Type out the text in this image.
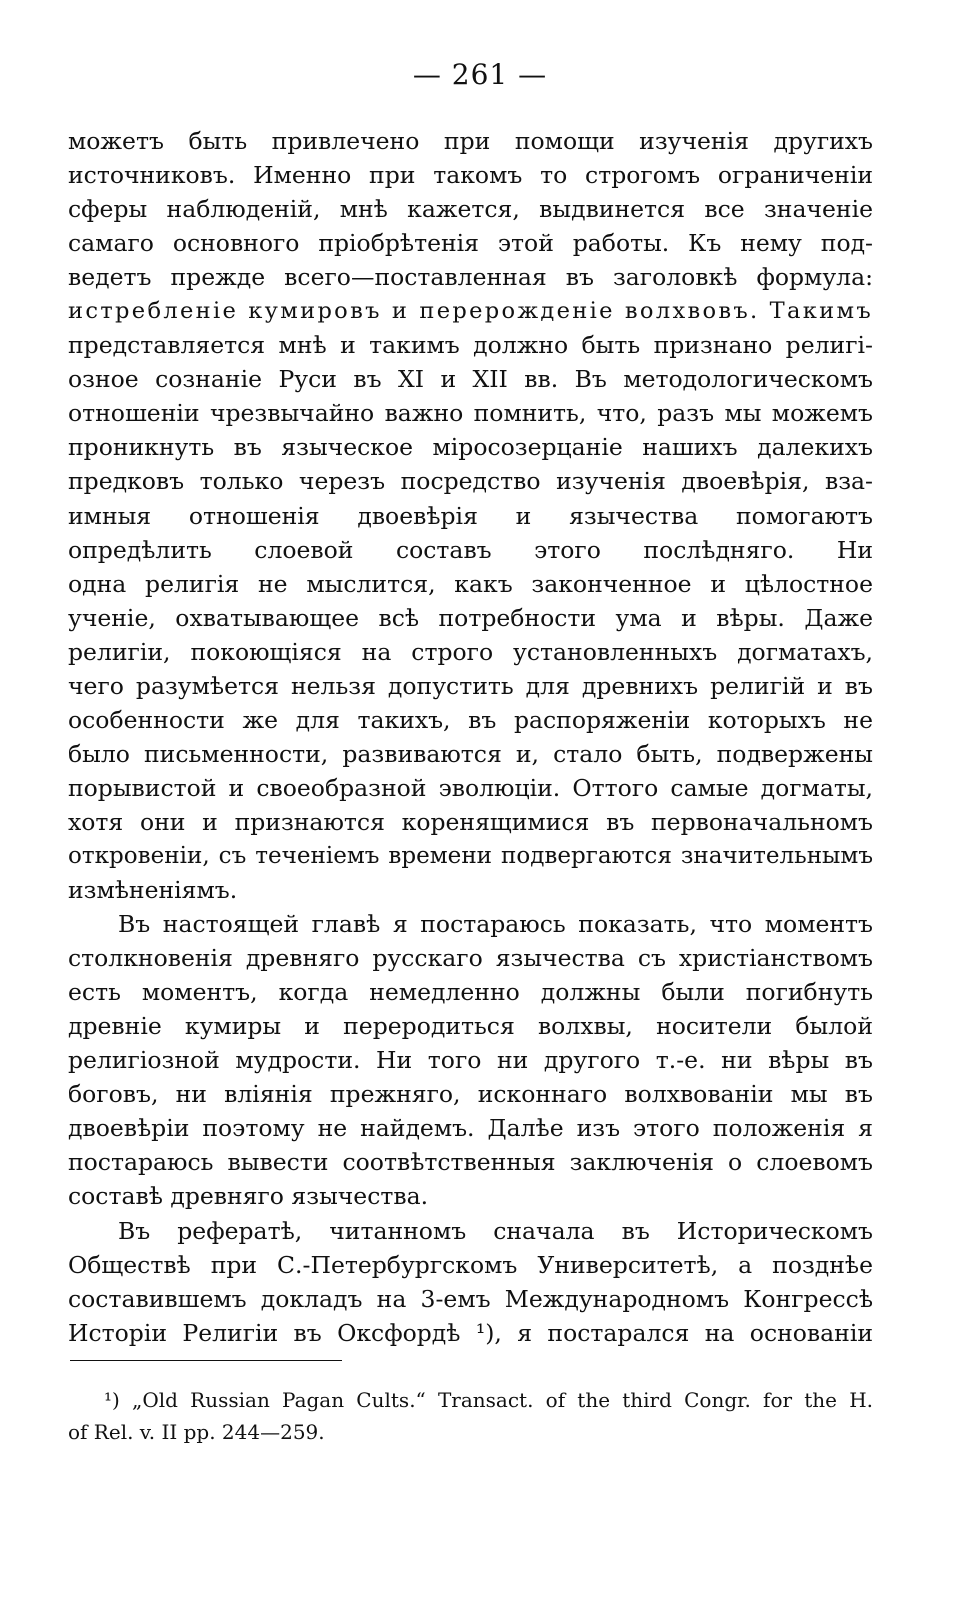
— 261 —
можетъ быть привлечено при помощи изученія другихъ
источниковъ. Именно при такомъ то строгомъ ограниченіи
сферы наблюденій, мнѣ кажется, выдвинется все значеніе
самаго основного пріобрѣтенія этой работы. Къ нему под-
ведетъ прежде всего—поставленная въ заголовкѣ формула:
истребленіе кумировъ и перерожденіе волхвовъ. Такимъ
представляется мнѣ и такимъ должно быть признано религі-
озное сознаніе Руси въ XI и XII вв. Въ методологическомъ
отношеніи чрезвычайно важно помнить, что, разъ мы можемъ
проникнуть въ языческое міросозерцаніе нашихъ далекихъ
предковъ только черезъ посредство изученія двоевѣрія, вза-
имныя отношенія двоевѣрія и язычества помогаютъ
опредѣлить слоевой составъ этого послѣдняго. Ни
одна религія не мыслится, какъ законченное и цѣлостное
ученіе, охватывающее всѣ потребности ума и вѣры. Даже
религіи, покоющіяся на строго установленныхъ догматахъ,
чего разумѣется нельзя допустить для древнихъ религій и въ
особенности же для такихъ, въ распоряженіи которыхъ не
было письменности, развиваются и, стало быть, подвержены
порывистой и своеобразной эволюціи. Оттого самые догматы,
хотя они и признаются коренящимися въ первоначальномъ
откровеніи, съ теченіемъ времени подвергаются значительнымъ
измѣненіямъ.
Въ настоящей главѣ я постараюсь показать, что моментъ
столкновенія древняго русскаго язычества съ христіанствомъ
есть моментъ, когда немедленно должны были погибнуть
древніе кумиры и переродиться волхвы, носители былой
религіозной мудрости. Ни того ни другого т.-е. ни вѣры въ
боговъ, ни вліянія прежняго, исконнаго волхвованіи мы въ
двоевѣріи поэтому не найдемъ. Далѣе изъ этого положенія я
постараюсь вывести соотвѣтственныя заключенія о слоевомъ
составѣ древняго язычества.
Въ рефератѣ, читанномъ сначала въ Историческомъ
Обществѣ при С.-Петербургскомъ Университетѣ, а позднѣе
составившемъ докладъ на 3-емъ Международномъ Конгрессѣ
Исторіи Религіи въ Оксфордѣ ¹), я постарался на основаніи
¹) „Old Russian Pagan Cults.“ Transact. of the third Congr. for the H.
of Rel. v. II pp. 244—259.
